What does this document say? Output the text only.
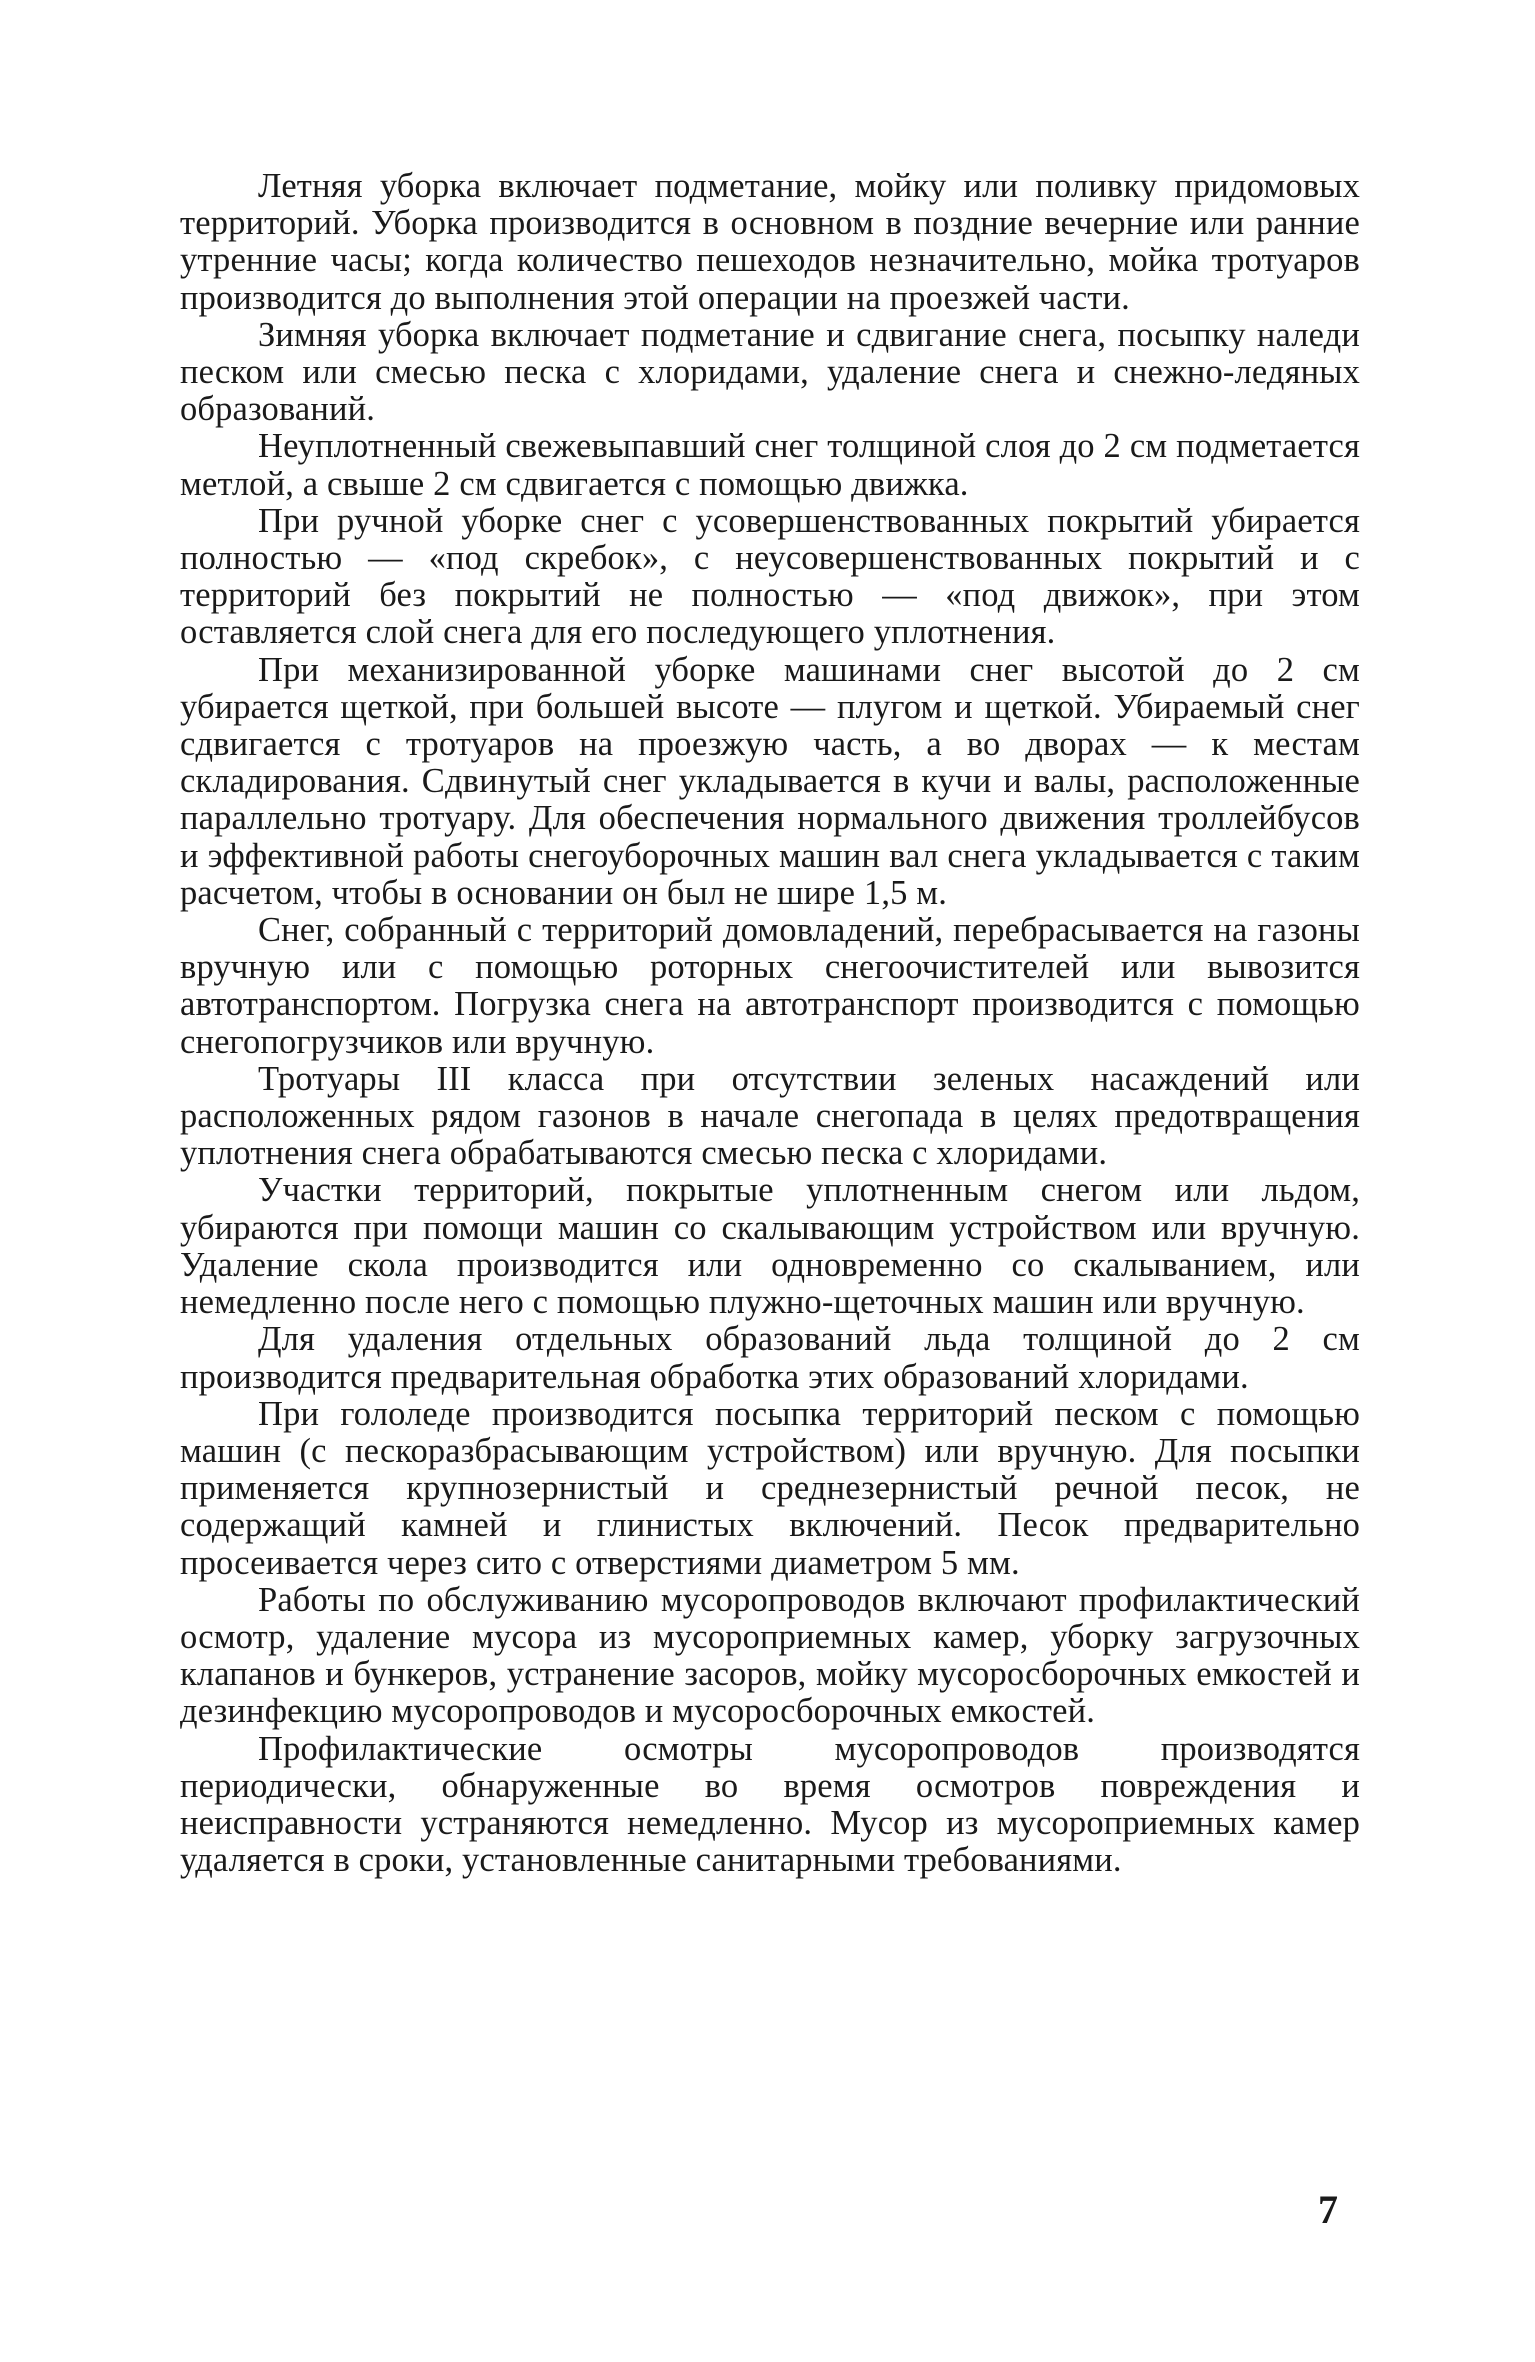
Летняя уборка включает подметание, мойку или поливку придомовых территорий. Уборка производится в основном в поздние вечерние или ранние утренние часы; когда количество пешеходов незначительно, мойка тротуаров производится до выполнения этой операции на проезжей части.

Зимняя уборка включает подметание и сдвигание снега, посыпку наледи песком или смесью песка с хлоридами, удаление снега и снежно-ледяных образований.

Неуплотненный свежевыпавший снег толщиной слоя до 2 см подметается метлой, а свыше 2 см сдвигается с помощью движка.

При ручной уборке снег с усовершенствованных покрытий убирается полностью — «под скребок», с неусовершенствованных покрытий и с территорий без покрытий не полностью — «под движок», при этом оставляется слой снега для его последующего уплотнения.

При механизированной уборке машинами снег высотой до 2 см убирается щеткой, при большей высоте — плугом и щеткой. Убираемый снег сдвигается с тротуаров на проезжую часть, а во дворах — к местам складирования. Сдвинутый снег укладывается в кучи и валы, расположенные параллельно тротуару. Для обеспечения нормального движения троллейбусов и эффективной работы снегоуборочных машин вал снега укладывается с таким расчетом, чтобы в основании он был не шире 1,5 м.

Снег, собранный с территорий домовладений, перебрасывается на газоны вручную или с помощью роторных снегоочистителей или вывозится автотранспортом. Погрузка снега на автотранспорт производится с помощью снегопогрузчиков или вручную.

Тротуары III класса при отсутствии зеленых насаждений или расположенных рядом газонов в начале снегопада в целях предотвращения уплотнения снега обрабатываются смесью песка с хлоридами.

Участки территорий, покрытые уплотненным снегом или льдом, убираются при помощи машин со скалывающим устройством или вручную. Удаление скола производится или одновременно со скалыванием, или немедленно после него с помощью плужно-щеточных машин или вручную.

Для удаления отдельных образований льда толщиной до 2 см производится предварительная обработка этих образований хлоридами.

При гололеде производится посыпка территорий песком с помощью машин (с пескоразбрасывающим устройством) или вручную. Для посыпки применяется крупнозернистый и среднезернистый речной песок, не содержащий камней и глинистых включений. Песок предварительно просеивается через сито с отверстиями диаметром 5 мм.

Работы по обслуживанию мусоропроводов включают профилактический осмотр, удаление мусора из мусороприемных камер, уборку загрузочных клапанов и бункеров, устранение засоров, мойку мусоросборочных емкостей и дезинфекцию мусоропроводов и мусоросборочных емкостей.

Профилактические осмотры мусоропроводов производятся периодически, обнаруженные во время осмотров повреждения и неисправности устраняются немедленно. Мусор из мусороприемных камер удаляется в сроки, установленные санитарными требованиями.

7
